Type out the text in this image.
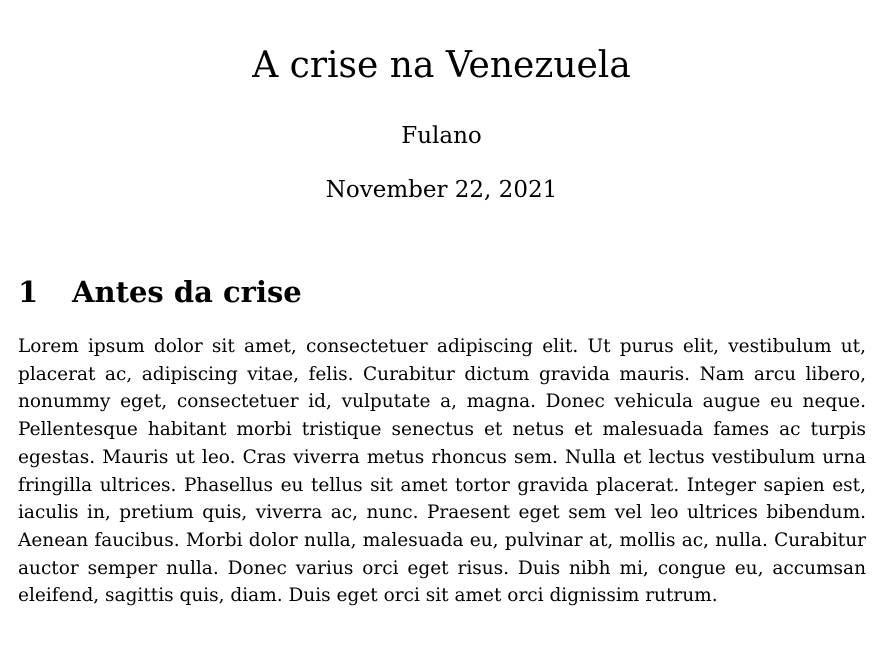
A crise na Venezuela
Fulano
November 22, 2021
1 Antes da crise

Lorem ipsum dolor sit amet, consectetuer adipiscing elit. Ut purus elit, vestibulum ut, placerat ac, adipiscing vitae, felis. Curabitur dictum gravida mauris. Nam arcu libero, nonummy eget, consectetuer id, vulputate a, magna. Donec vehicula augue eu neque. Pellentesque habitant morbi tristique senectus et netus et malesuada fames ac turpis egestas. Mauris ut leo. Cras viverra metus rhoncus sem. Nulla et lectus vestibulum urna fringilla ultrices. Phasellus eu tellus sit amet tortor gravida placerat. Integer sapien est, iaculis in, pretium quis, viverra ac, nunc. Praesent eget sem vel leo ultrices bibendum. Aenean faucibus. Morbi dolor nulla, malesuada eu, pulvinar at, mollis ac, nulla. Curabitur auctor semper nulla. Donec varius orci eget risus. Duis nibh mi, congue eu, accumsan eleifend, sagittis quis, diam. Duis eget orci sit amet orci dignissim rutrum.
